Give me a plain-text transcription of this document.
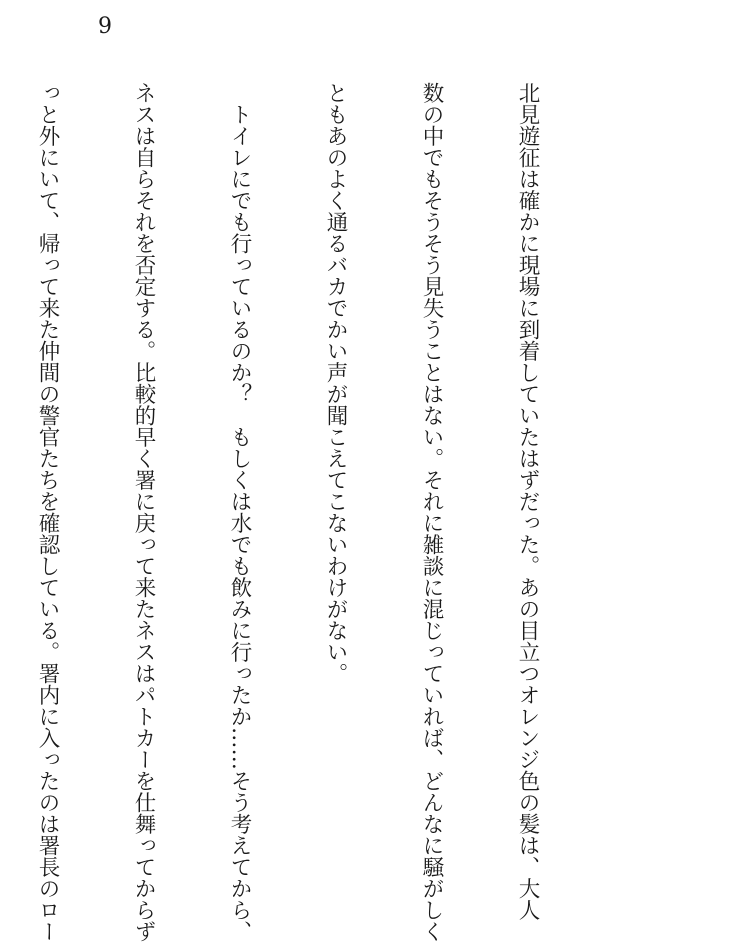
9

北見遊征は確かに現場に到着していたはずだった。あの目立つオレンジ色の髪は、大人

数の中でもそうそう見失うことはない。それに雑談に混じっていれば、どんなに騒がしく

ともあのよく通るバカでかい声が聞こえてこないわけがない。

　トイレにでも行っているのか？　もしくは水でも飲みに行ったか……そう考えてから、

ネスは自らそれを否定する。比較的早く署に戻って来たネスはパトカーを仕舞ってからず

っと外にいて、帰って来た仲間の警官たちを確認している。署内に入ったのは署長のロー
